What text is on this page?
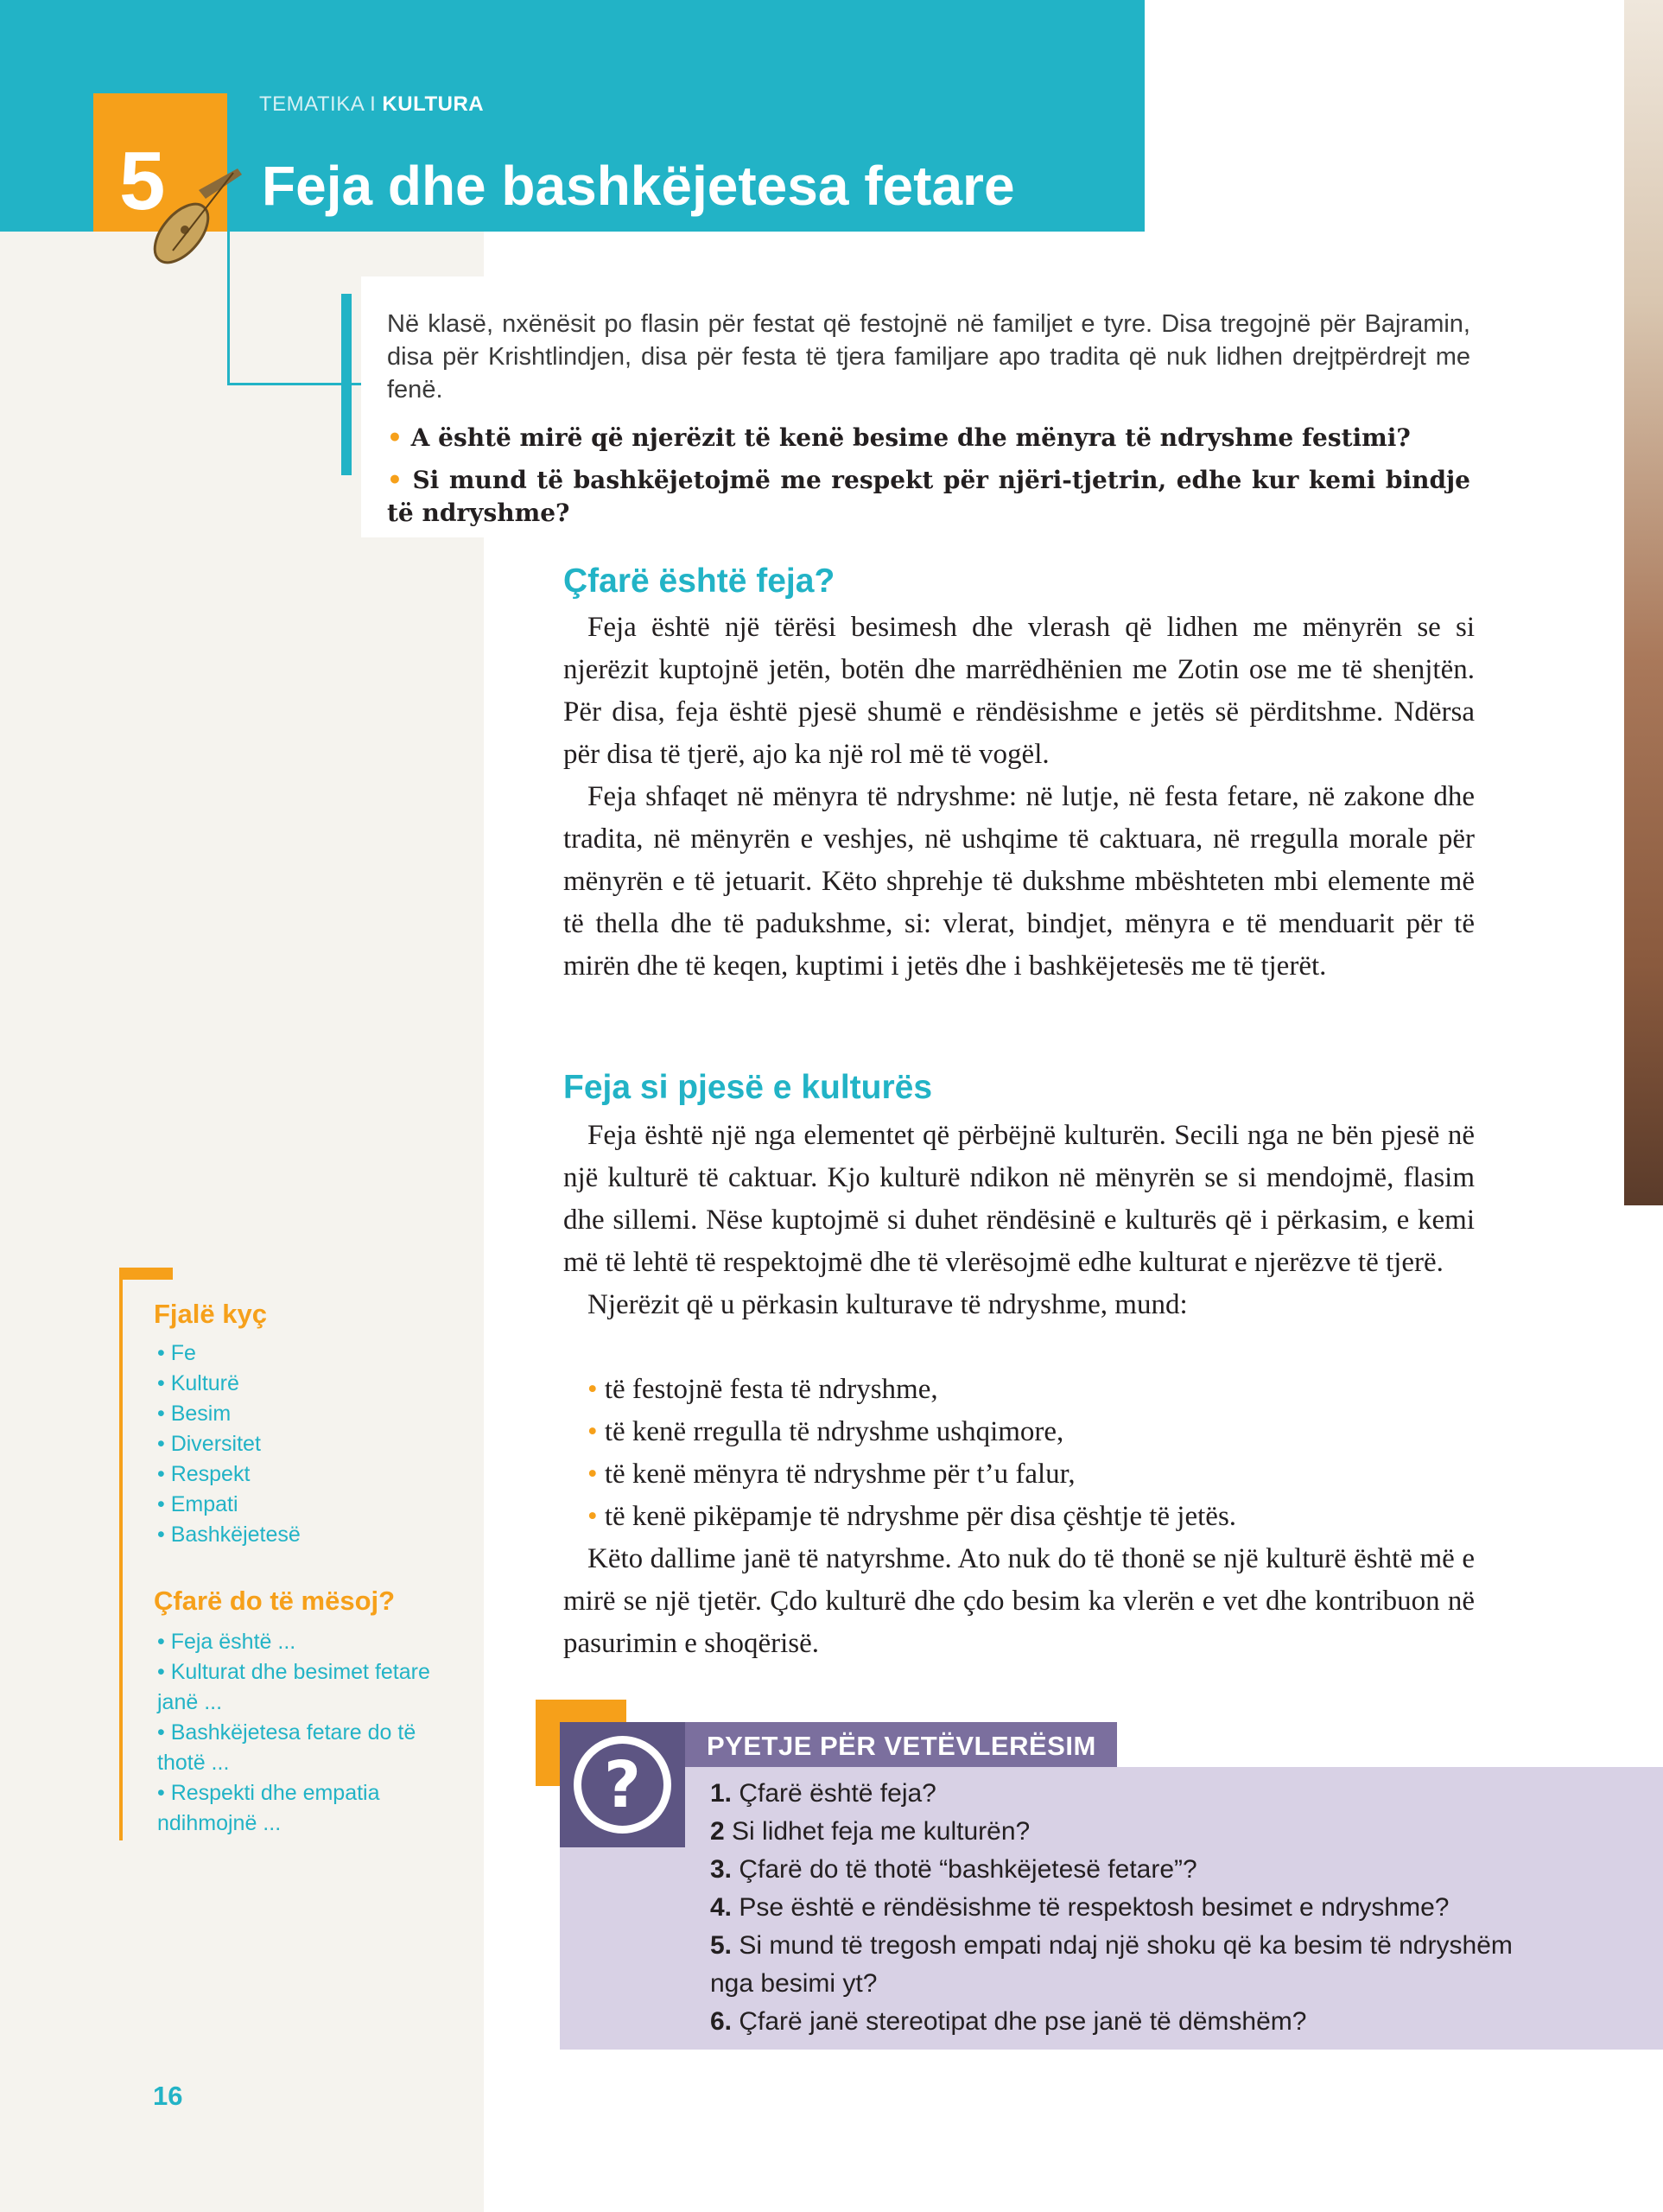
5
TEMATIKA I KULTURA
Feja dhe bashkëjetesa fetare
Në klasë, nxënësit po flasin për festat që festojnë në familjet e tyre. Disa tregojnë për Bajramin, disa për Krishtlindjen, disa për festa të tjera familjare apo tradita që nuk lidhen drejtpërdrejt me fenë.
• A është mirë që njerëzit të kenë besime dhe mënyra të ndryshme festimi?
• Si mund të bashkëjetojmë me respekt për njëri-tjetrin, edhe kur kemi bindje të ndryshme?
Çfarë është feja?

Feja është një tërësi besimesh dhe vlerash që lidhen me mënyrën se si njerëzit kuptojnë jetën, botën dhe marrëdhënien me Zotin ose me të shenjtën. Për disa, feja është pjesë shumë e rëndësishme e jetës së përditshme. Ndërsa për disa të tjerë, ajo ka një rol më të vogël.

Feja shfaqet në mënyra të ndryshme: në lutje, në festa fetare, në zakone dhe tradita, në mënyrën e veshjes, në ushqime të caktuara, në rregulla morale për mënyrën e të jetuarit. Këto shprehje të dukshme mbështeten mbi elemente më të thella dhe të padukshme, si: vlerat, bindjet, mënyra e të menduarit për të mirën dhe të keqen, kuptimi i jetës dhe i bashkëjetesës me të tjerët.

Feja si pjesë e kulturës

Feja është një nga elementet që përbëjnë kulturën. Secili nga ne bën pjesë në një kulturë të caktuar. Kjo kulturë ndikon në mënyrën se si mendojmë, flasim dhe sillemi. Nëse kuptojmë si duhet rëndësinë e kulturës që i përkasim, e kemi më të lehtë të respektojmë dhe të vlerësojmë edhe kulturat e njerëzve të tjerë.

Njerëzit që u përkasin kulturave të ndryshme, mund:

• të festojnë festa të ndryshme,
• të kenë rregulla të ndryshme ushqimore,
• të kenë mënyra të ndryshme për t’u falur,
• të kenë pikëpamje të ndryshme për disa çështje të jetës.

Këto dallime janë të natyrshme. Ato nuk do të thonë se një kulturë është më e mirë se një tjetër. Çdo kulturë dhe çdo besim ka vlerën e vet dhe kontribuon në pasurimin e shoqërisë.

Fjalë kyç
• Fe
• Kulturë
• Besim
• Diversitet
• Respekt
• Empati
• Bashkëjetesë
Çfarë do të mësoj?
• Feja është ...
• Kulturat dhe besimet fetare janë ...
• Bashkëjetesa fetare do të thotë ...
• Respekti dhe empatia ndihmojnë ...
16
PYETJE PËR VETËVLERËSIM
?	1. Çfarë është feja?
2 Si lidhet feja me kulturën?
3. Çfarë do të thotë “bashkëjetesë fetare”?
4. Pse është e rëndësishme të respektosh besimet e ndryshme?
5. Si mund të tregosh empati ndaj një shoku që ka besim të ndryshëm nga besimi yt?
6. Çfarë janë stereotipat dhe pse janë të dëmshëm?
